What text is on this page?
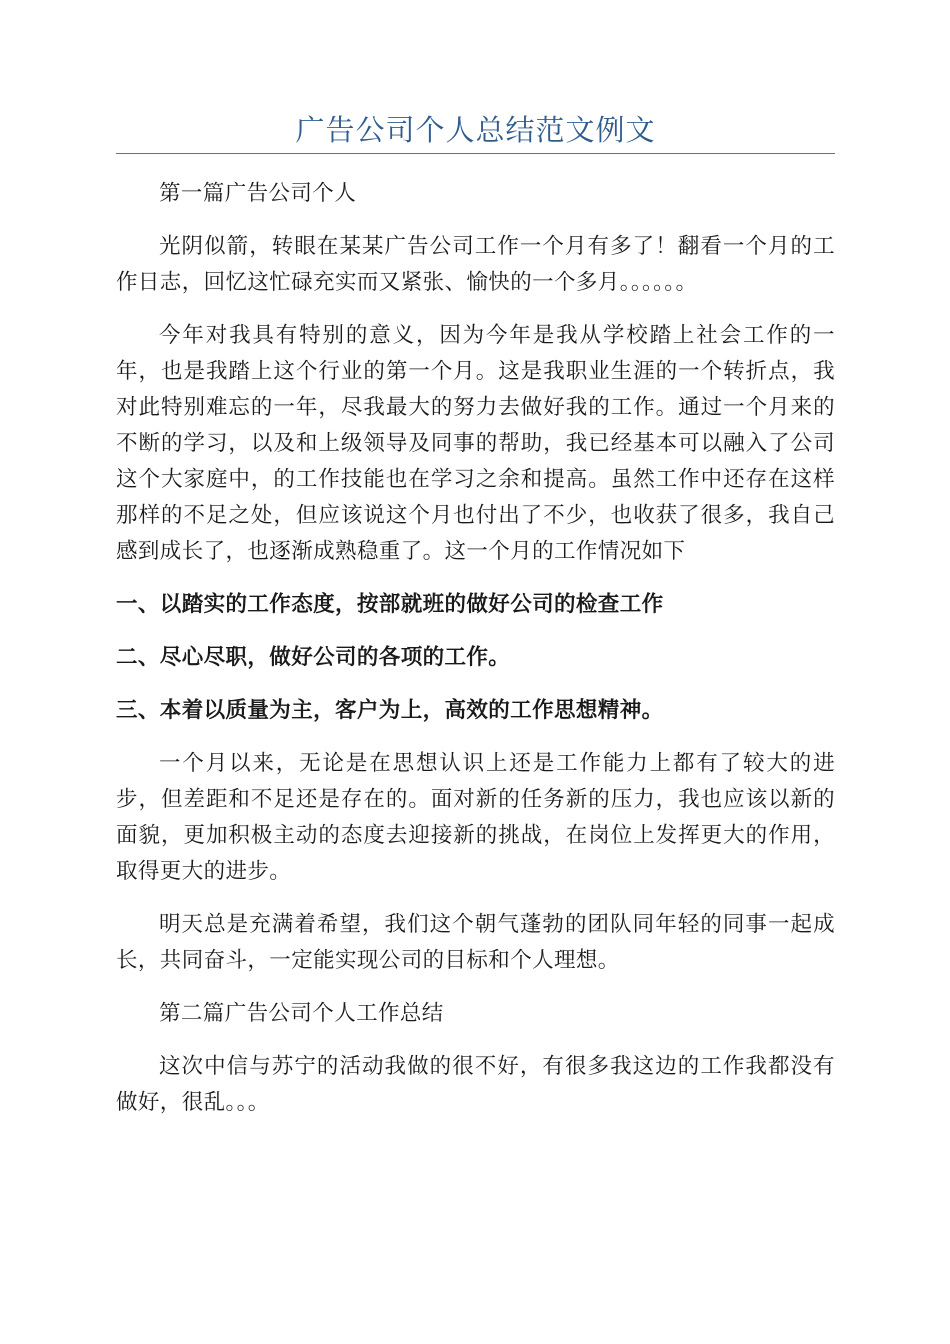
广告公司个人总结范文例文

第一篇广告公司个人

光阴似箭，转眼在某某广告公司工作一个月有多了！翻看一个月的工作日志，回忆这忙碌充实而又紧张、愉快的一个多月。。。。。。

今年对我具有特别的意义，因为今年是我从学校踏上社会工作的一年，也是我踏上这个行业的第一个月。这是我职业生涯的一个转折点，我对此特别难忘的一年，尽我最大的努力去做好我的工作。通过一个月来的不断的学习，以及和上级领导及同事的帮助，我已经基本可以融入了公司这个大家庭中，的工作技能也在学习之余和提高。虽然工作中还存在这样那样的不足之处，但应该说这个月也付出了不少，也收获了很多，我自己感到成长了，也逐渐成熟稳重了。这一个月的工作情况如下

一、以踏实的工作态度，按部就班的做好公司的检查工作

二、尽心尽职，做好公司的各项的工作。

三、本着以质量为主，客户为上，高效的工作思想精神。

一个月以来，无论是在思想认识上还是工作能力上都有了较大的进步，但差距和不足还是存在的。面对新的任务新的压力，我也应该以新的面貌，更加积极主动的态度去迎接新的挑战，在岗位上发挥更大的作用，取得更大的进步。

明天总是充满着希望，我们这个朝气蓬勃的团队同年轻的同事一起成长，共同奋斗，一定能实现公司的目标和个人理想。

第二篇广告公司个人工作总结

这次中信与苏宁的活动我做的很不好，有很多我这边的工作我都没有做好，很乱。。。
